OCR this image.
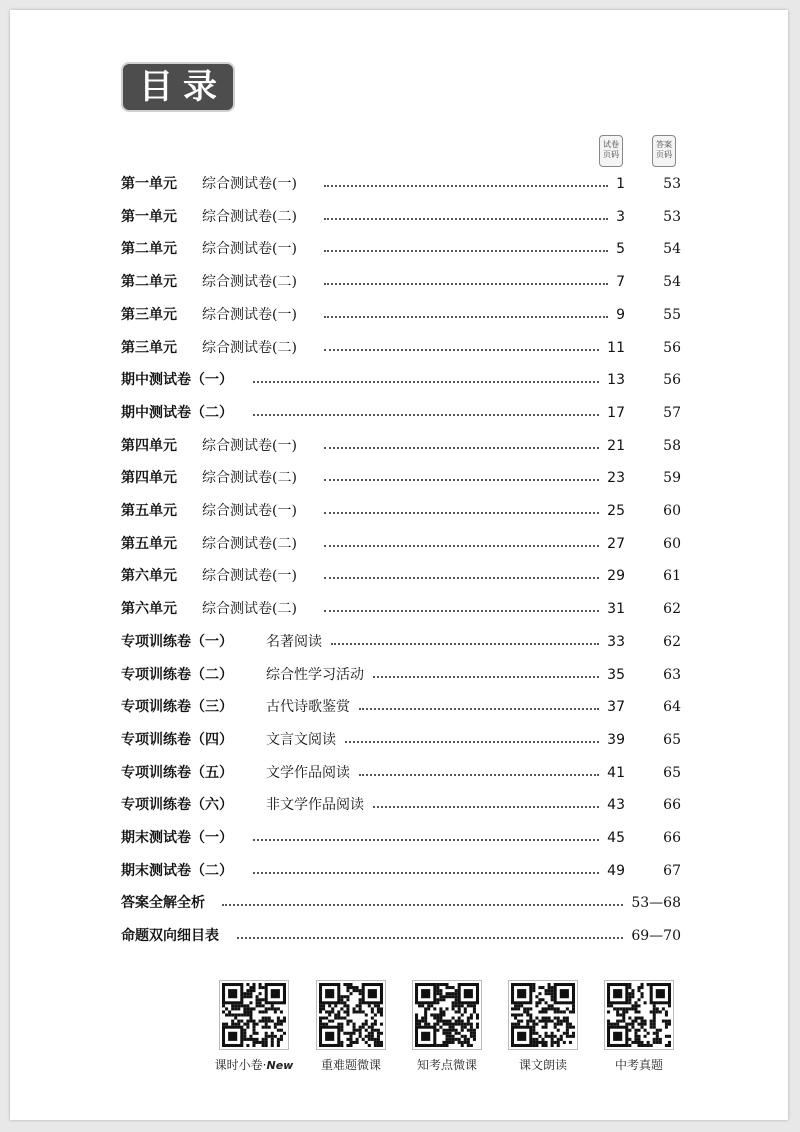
目录
试卷页码
答案页码
第一单元 综合测试卷(一)	1	53
第一单元 综合测试卷(二)	3	53
第二单元 综合测试卷(一)	5	54
第二单元 综合测试卷(二)	7	54
第三单元 综合测试卷(一)	9	55
第三单元 综合测试卷(二)	11	56
期中测试卷（一）	13	56
期中测试卷（二）	17	57
第四单元 综合测试卷(一)	21	58
第四单元 综合测试卷(二)	23	59
第五单元 综合测试卷(一)	25	60
第五单元 综合测试卷(二)	27	60
第六单元 综合测试卷(一)	29	61
第六单元 综合测试卷(二)	31	62
专项训练卷（一） 名著阅读	33	62
专项训练卷（二） 综合性学习活动	35	63
专项训练卷（三） 古代诗歌鉴赏	37	64
专项训练卷（四） 文言文阅读	39	65
专项训练卷（五） 文学作品阅读	41	65
专项训练卷（六） 非文学作品阅读	43	66
期末测试卷（一）	45	66
期末测试卷（二）	49	67
答案全解全析	53—68
命题双向细目表	69—70
课时小卷·New	重难题微课	知考点微课	课文朗读	中考真题
